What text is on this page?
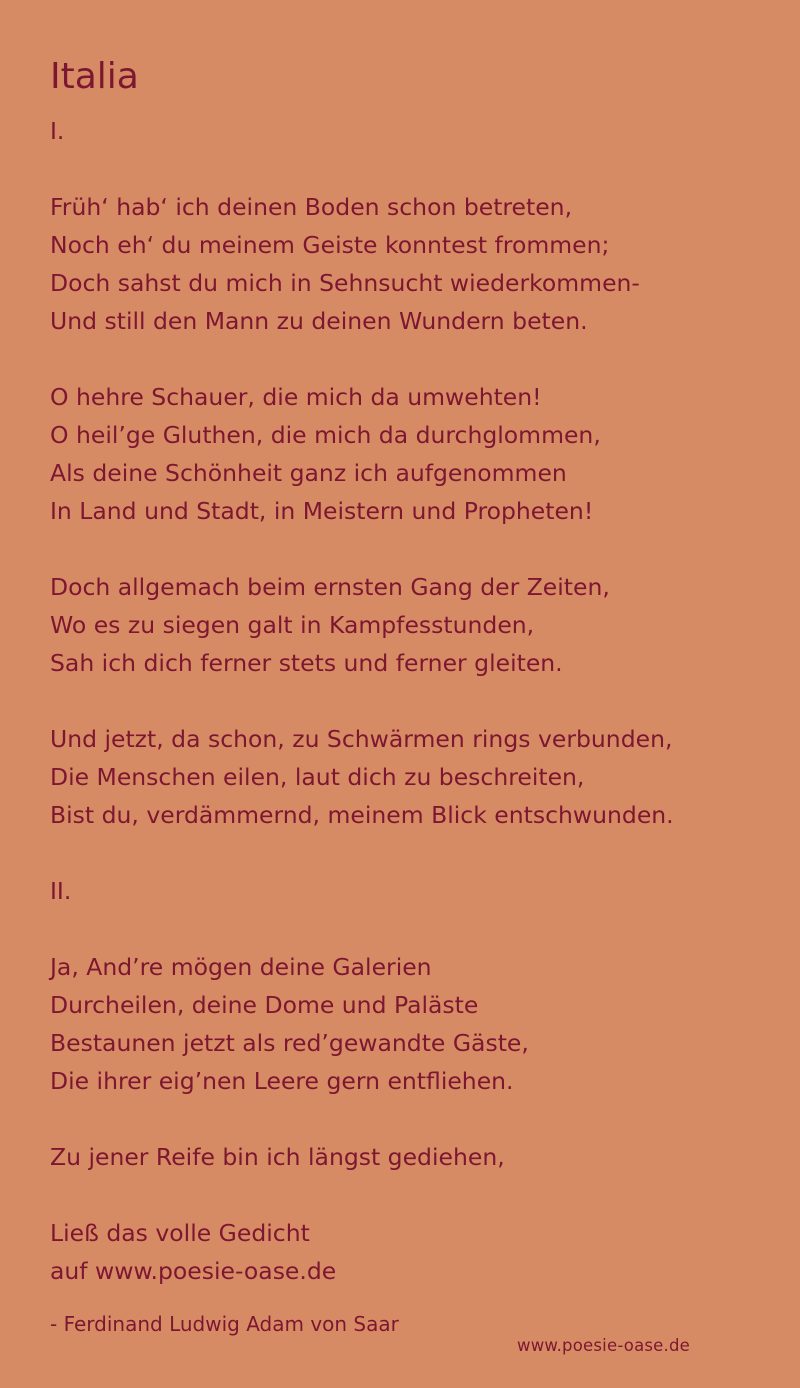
Italia
I.
Früh‘ hab‘ ich deinen Boden schon betreten,
Noch eh‘ du meinem Geiste konntest frommen;
Doch sahst du mich in Sehnsucht wiederkommen-
Und still den Mann zu deinen Wundern beten.
O hehre Schauer, die mich da umwehten!
O heil’ge Gluthen, die mich da durchglommen,
Als deine Schönheit ganz ich aufgenommen
In Land und Stadt, in Meistern und Propheten!
Doch allgemach beim ernsten Gang der Zeiten,
Wo es zu siegen galt in Kampfesstunden,
Sah ich dich ferner stets und ferner gleiten.
Und jetzt, da schon, zu Schwärmen rings verbunden,
Die Menschen eilen, laut dich zu beschreiten,
Bist du, verdämmernd, meinem Blick entschwunden.
II.
Ja, And’re mögen deine Galerien
Durcheilen, deine Dome und Paläste
Bestaunen jetzt als red’gewandte Gäste,
Die ihrer eig’nen Leere gern entfliehen.
Zu jener Reife bin ich längst gediehen,
Ließ das volle Gedicht
auf www.poesie-oase.de
- Ferdinand Ludwig Adam von Saar
www.poesie-oase.de
